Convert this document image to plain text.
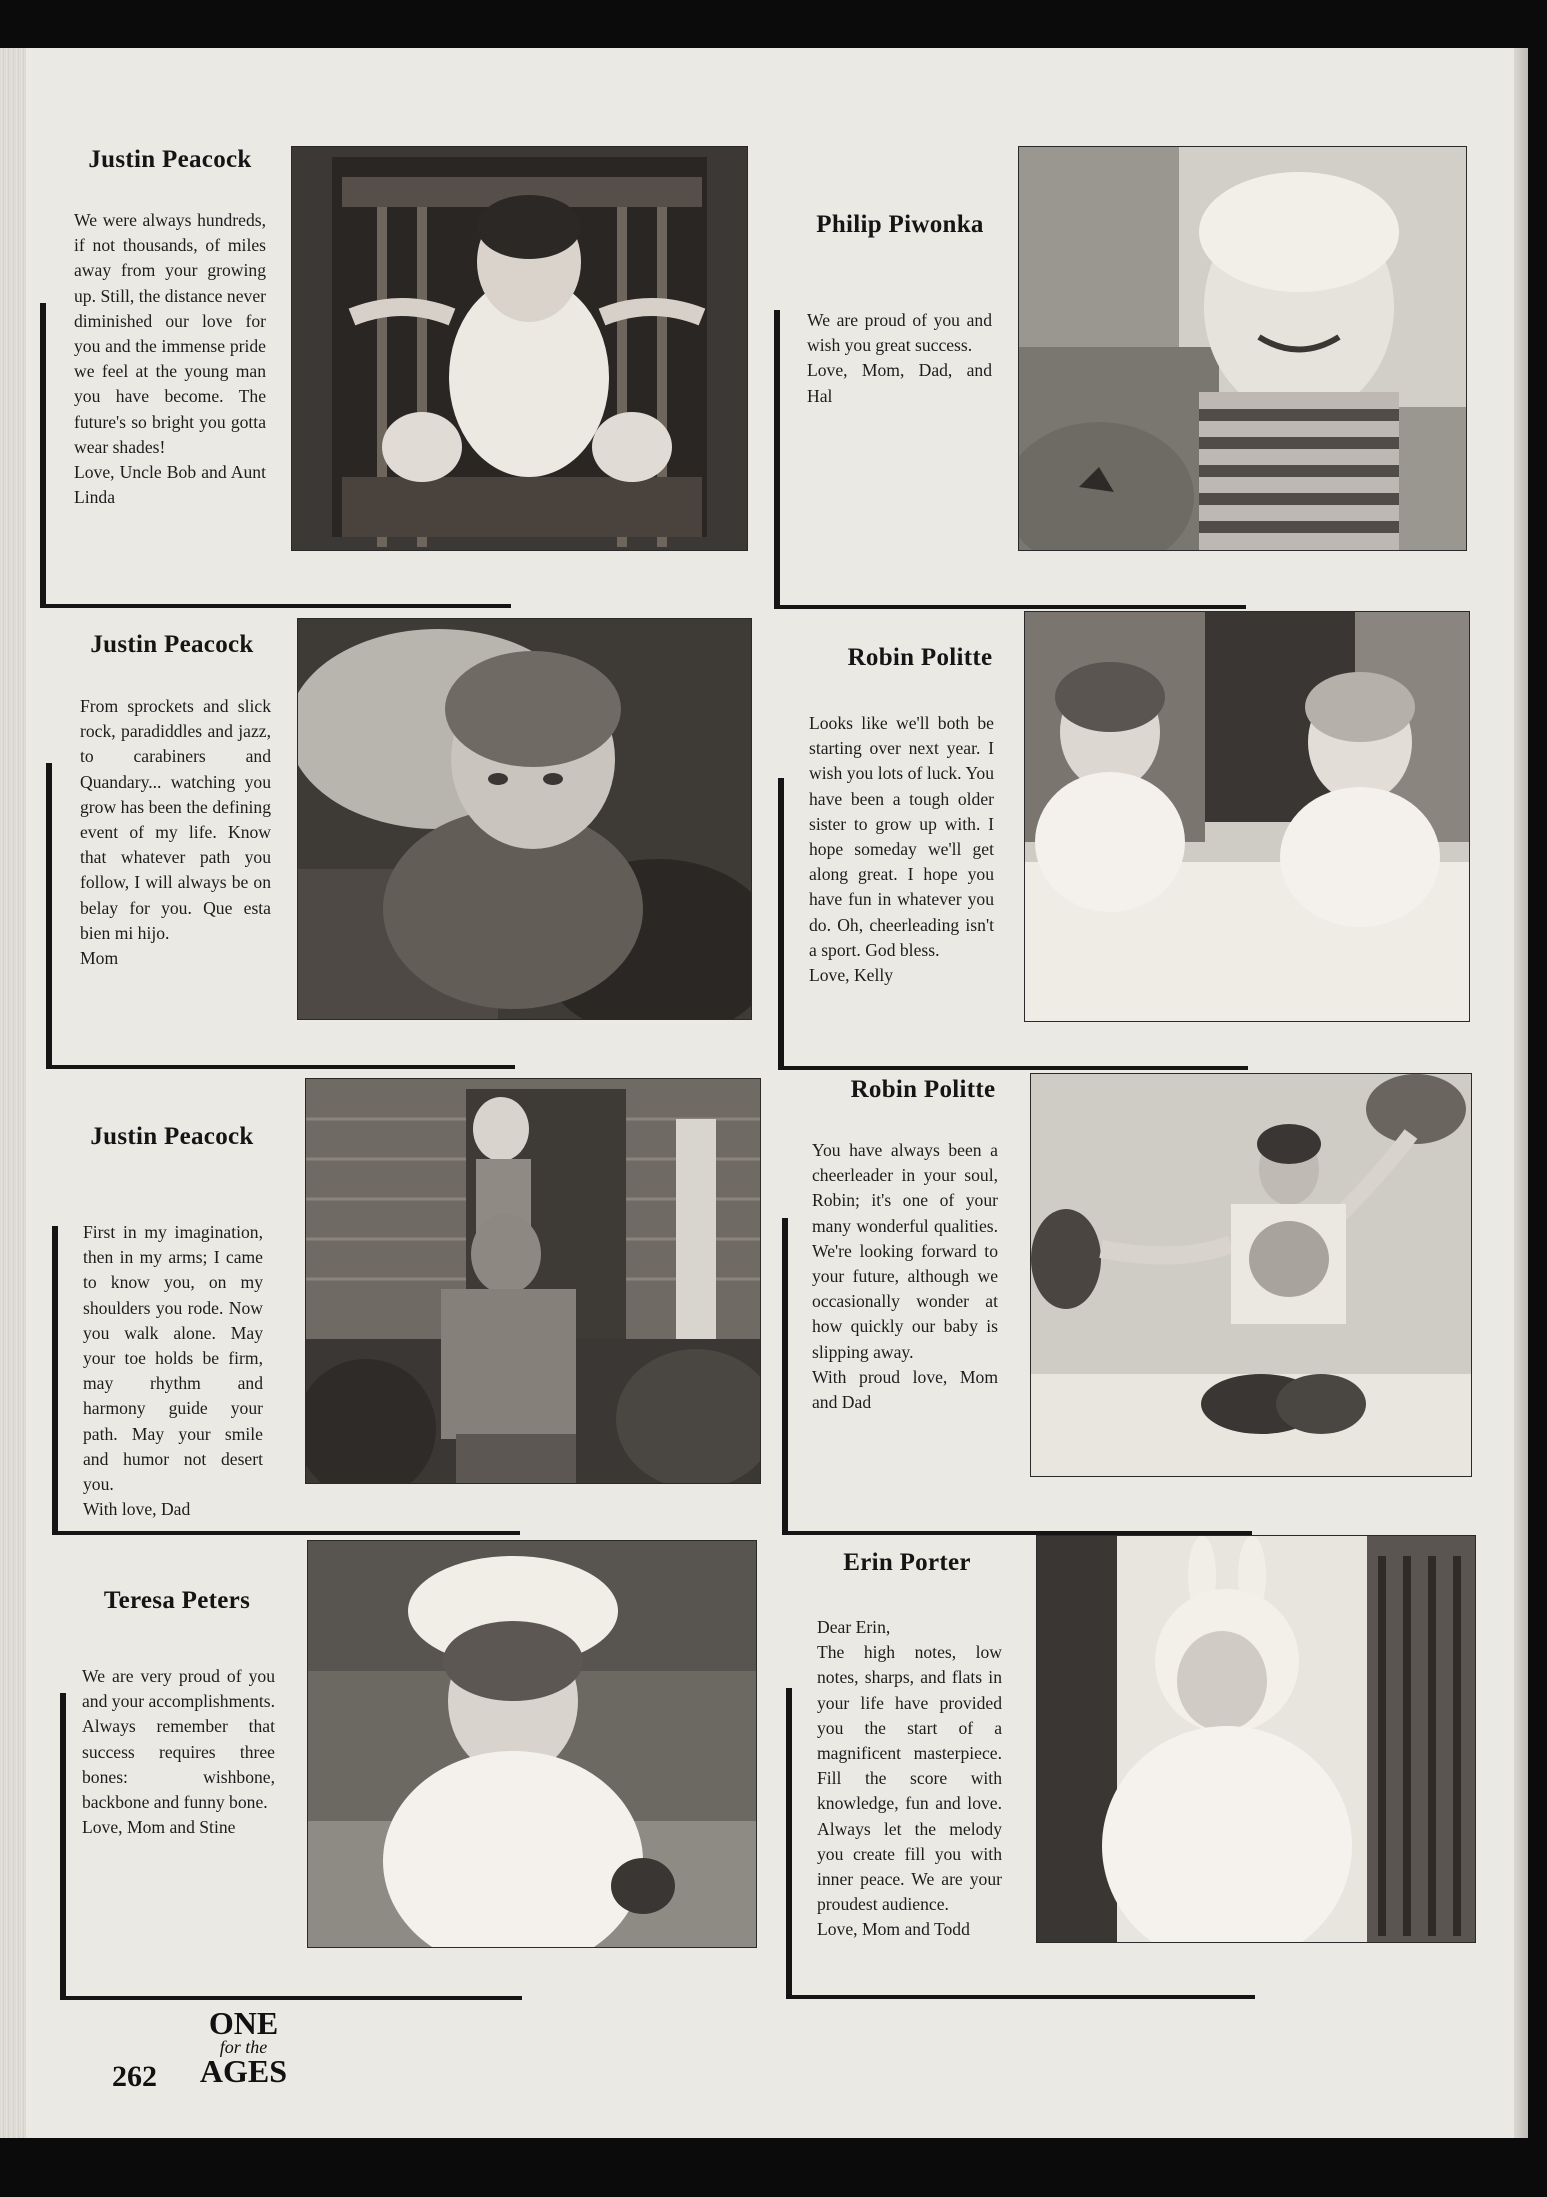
Justin Peacock
We were always hundreds, if not thousands, of miles away from your growing up. Still, the distance never diminished our love for you and the immense pride we feel at the young man you have become. The future's so bright you gotta wear shades!
Love, Uncle Bob and Aunt Linda
Philip Piwonka
We are proud of you and wish you great success.
Love, Mom, Dad, and Hal
Justin Peacock
From sprockets and slick rock, paradiddles and jazz, to carabiners and Quandary... watching you grow has been the defining event of my life. Know that whatever path you follow, I will always be on belay for you. Que esta bien mi hijo.
Mom
Robin Politte
Looks like we'll both be starting over next year. I wish you lots of luck. You have been a tough older sister to grow up with. I hope someday we'll get along great. I hope you have fun in whatever you do. Oh, cheerleading isn't a sport. God bless.
Love, Kelly
Justin Peacock
First in my imagination, then in my arms; I came to know you, on my shoulders you rode. Now you walk alone. May your toe holds be firm, may rhythm and harmony guide your path. May your smile and humor not desert you.
With love, Dad
Robin Politte
You have always been a cheerleader in your soul, Robin; it's one of your many wonderful qualities. We're looking forward to your future, although we occasionally wonder at how quickly our baby is slipping away.
With proud love, Mom and Dad
Teresa Peters
We are very proud of you and your accomplishments. Always remember that success requires three bones: wishbone, backbone and funny bone.
Love, Mom and Stine
Erin Porter
Dear Erin,
The high notes, low notes, sharps, and flats in your life have provided you the start of a magnificent masterpiece. Fill the score with knowledge, fun and love. Always let the melody you create fill you with inner peace. We are your proudest audience.
Love, Mom and Todd
262
ONE
for the
AGES
